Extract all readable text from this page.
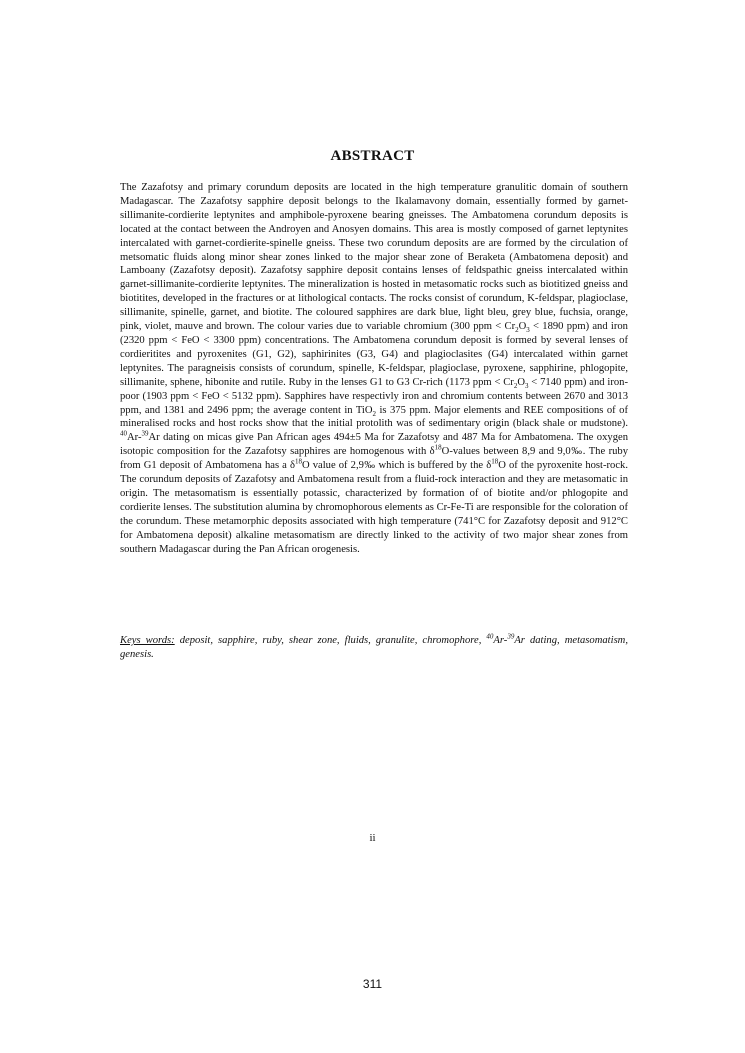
ABSTRACT

The Zazafotsy and primary corundum deposits are located in the high temperature granulitic domain of southern Madagascar. The Zazafotsy sapphire deposit belongs to the Ikalamavony domain, essentially formed by garnet-sillimanite-cordierite leptynites and amphibole-pyroxene bearing gneisses. The Ambatomena corundum deposits is located at the contact between the Androyen and Anosyen domains. This area is mostly composed of garnet leptynites intercalated with garnet-cordierite-spinelle gneiss. These two corundum deposits are are formed by the circulation of metsomatic fluids along minor shear zones linked to the major shear zone of Beraketa (Ambatomena deposit) and Lamboany (Zazafotsy deposit). Zazafotsy sapphire deposit contains lenses of feldspathic gneiss intercalated within garnet-sillimanite-cordierite leptynites. The mineralization is hosted in metasomatic rocks such as biotitized gneiss and biotitites, developed in the fractures or at lithological contacts. The rocks consist of corundum, K-feldspar, plagioclase, sillimanite, spinelle, garnet, and biotite. The coloured sapphires are dark blue, light bleu, grey blue, fuchsia, orange, pink, violet, mauve and brown. The colour varies due to variable chromium (300 ppm < $Cr_2O_3 < 1890$ ppm) and iron (2320 ppm < FeO < 3300 ppm) concentrations. The Ambatomena corundum deposit is formed by several lenses of cordieritites and pyroxenites (G1, G2), saphirinites (G3, G4) and plagioclasites (G4) intercalated within garnet leptynites. The paragneisis consists of corundum, spinelle, K-feldspar, plagioclase, pyroxene, sapphirine, phlogopite, sillimanite, sphene, hibonite and rutile. Ruby in the lenses G1 to G3 Cr-rich (1173 ppm < $Cr_2O_3 < 7140$ ppm) and iron-poor (1903 ppm < FeO < 5132 ppm). Sapphires have respectivly iron and chromium contents between 2670 and 3013 ppm, and 1381 and 2496 ppm; the average content in TiO$_2$ is 375 ppm. Major elements and REE compositions of of mineralised rocks and host rocks show that the initial protolith was of sedimentary origin (black shale or mudstone). $^{40}$Ar-$^{39}$Ar dating on micas give Pan African ages 494±5 Ma for Zazafotsy and 487 Ma for Ambatomena. The oxygen isotopic composition for the Zazafotsy sapphires are homogenous with $\delta^{18}O$-values between 8,9 and 9,0‰. The ruby from G1 deposit of Ambatomena has a $\delta^{18}O$ value of 2,9‰ which is buffered by the $\delta^{18}O$ of the pyroxenite host-rock. The corundum deposits of Zazafotsy and Ambatomena result from a fluid-rock interaction and they are metasomatic in origin. The metasomatism is essentially potassic, characterized by formation of of biotite and/or phlogopite and cordierite lenses. The substitution alumina by chromophorous elements as Cr-Fe-Ti are responsible for the coloration of the corundum. These metamorphic deposits associated with high temperature (741°C for Zazafotsy deposit and 912°C for Ambatomena deposit) alkaline metasomatism are directly linked to the activity of two major shear zones from southern Madagascar during the Pan African orogenesis.

Keys words: deposit, sapphire, ruby, shear zone, fluids, granulite, chromophore, $^{40}$Ar-$^{39}$Ar dating, metasomatism, genesis.

ii
311
